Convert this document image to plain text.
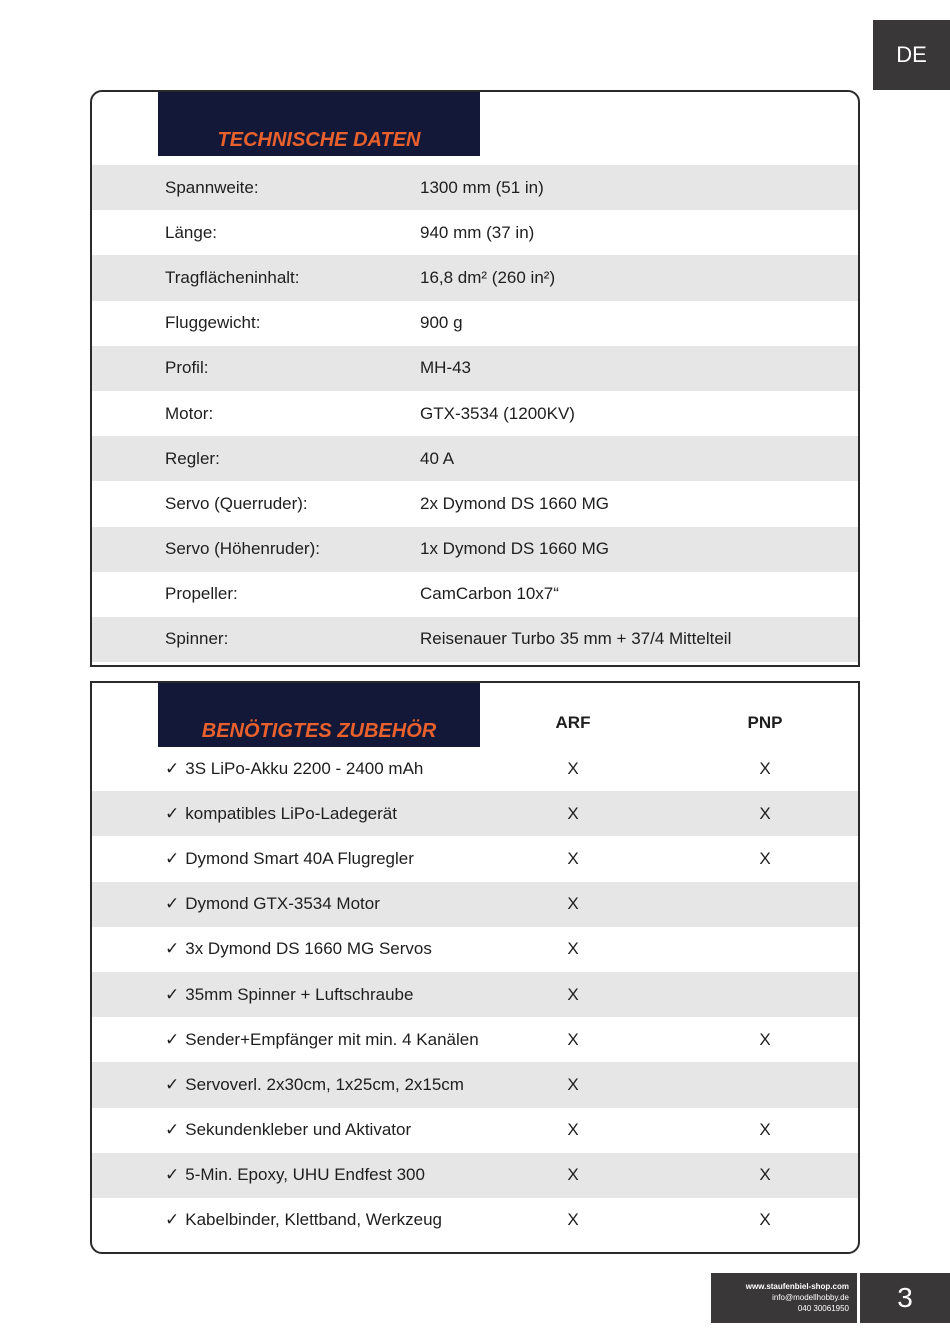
DE
TECHNISCHE DATEN
Spannweite:	1300 mm (51 in)
Länge:	940 mm (37 in)
Tragflächeninhalt:	16,8 dm² (260 in²)
Fluggewicht:	900 g
Profil:	MH-43
Motor:	GTX-3534 (1200KV)
Regler:	40 A
Servo (Querruder):	2x Dymond DS 1660 MG
Servo (Höhenruder):	1x Dymond DS 1660 MG
Propeller:	CamCarbon 10x7“
Spinner:	Reisenauer Turbo 35 mm + 37/4 Mittelteil
BENÖTIGTES ZUBEHÖR	ARF	PNP
✓ 3S LiPo-Akku 2200 - 2400 mAh	X	X
✓ kompatibles LiPo-Ladegerät	X	X
✓ Dymond Smart 40A Flugregler	X	X
✓ Dymond GTX-3534 Motor	X
✓ 3x Dymond DS 1660 MG Servos	X
✓ 35mm Spinner + Luftschraube	X
✓ Sender+Empfänger mit min. 4 Kanälen	X	X
✓ Servoverl. 2x30cm, 1x25cm, 2x15cm	X
✓ Sekundenkleber und Aktivator	X	X
✓ 5-Min. Epoxy, UHU Endfest 300	X	X
✓ Kabelbinder, Klettband, Werkzeug	X	X
www.staufenbiel-shop.com
info@modellhobby.de
040 30061950	3
